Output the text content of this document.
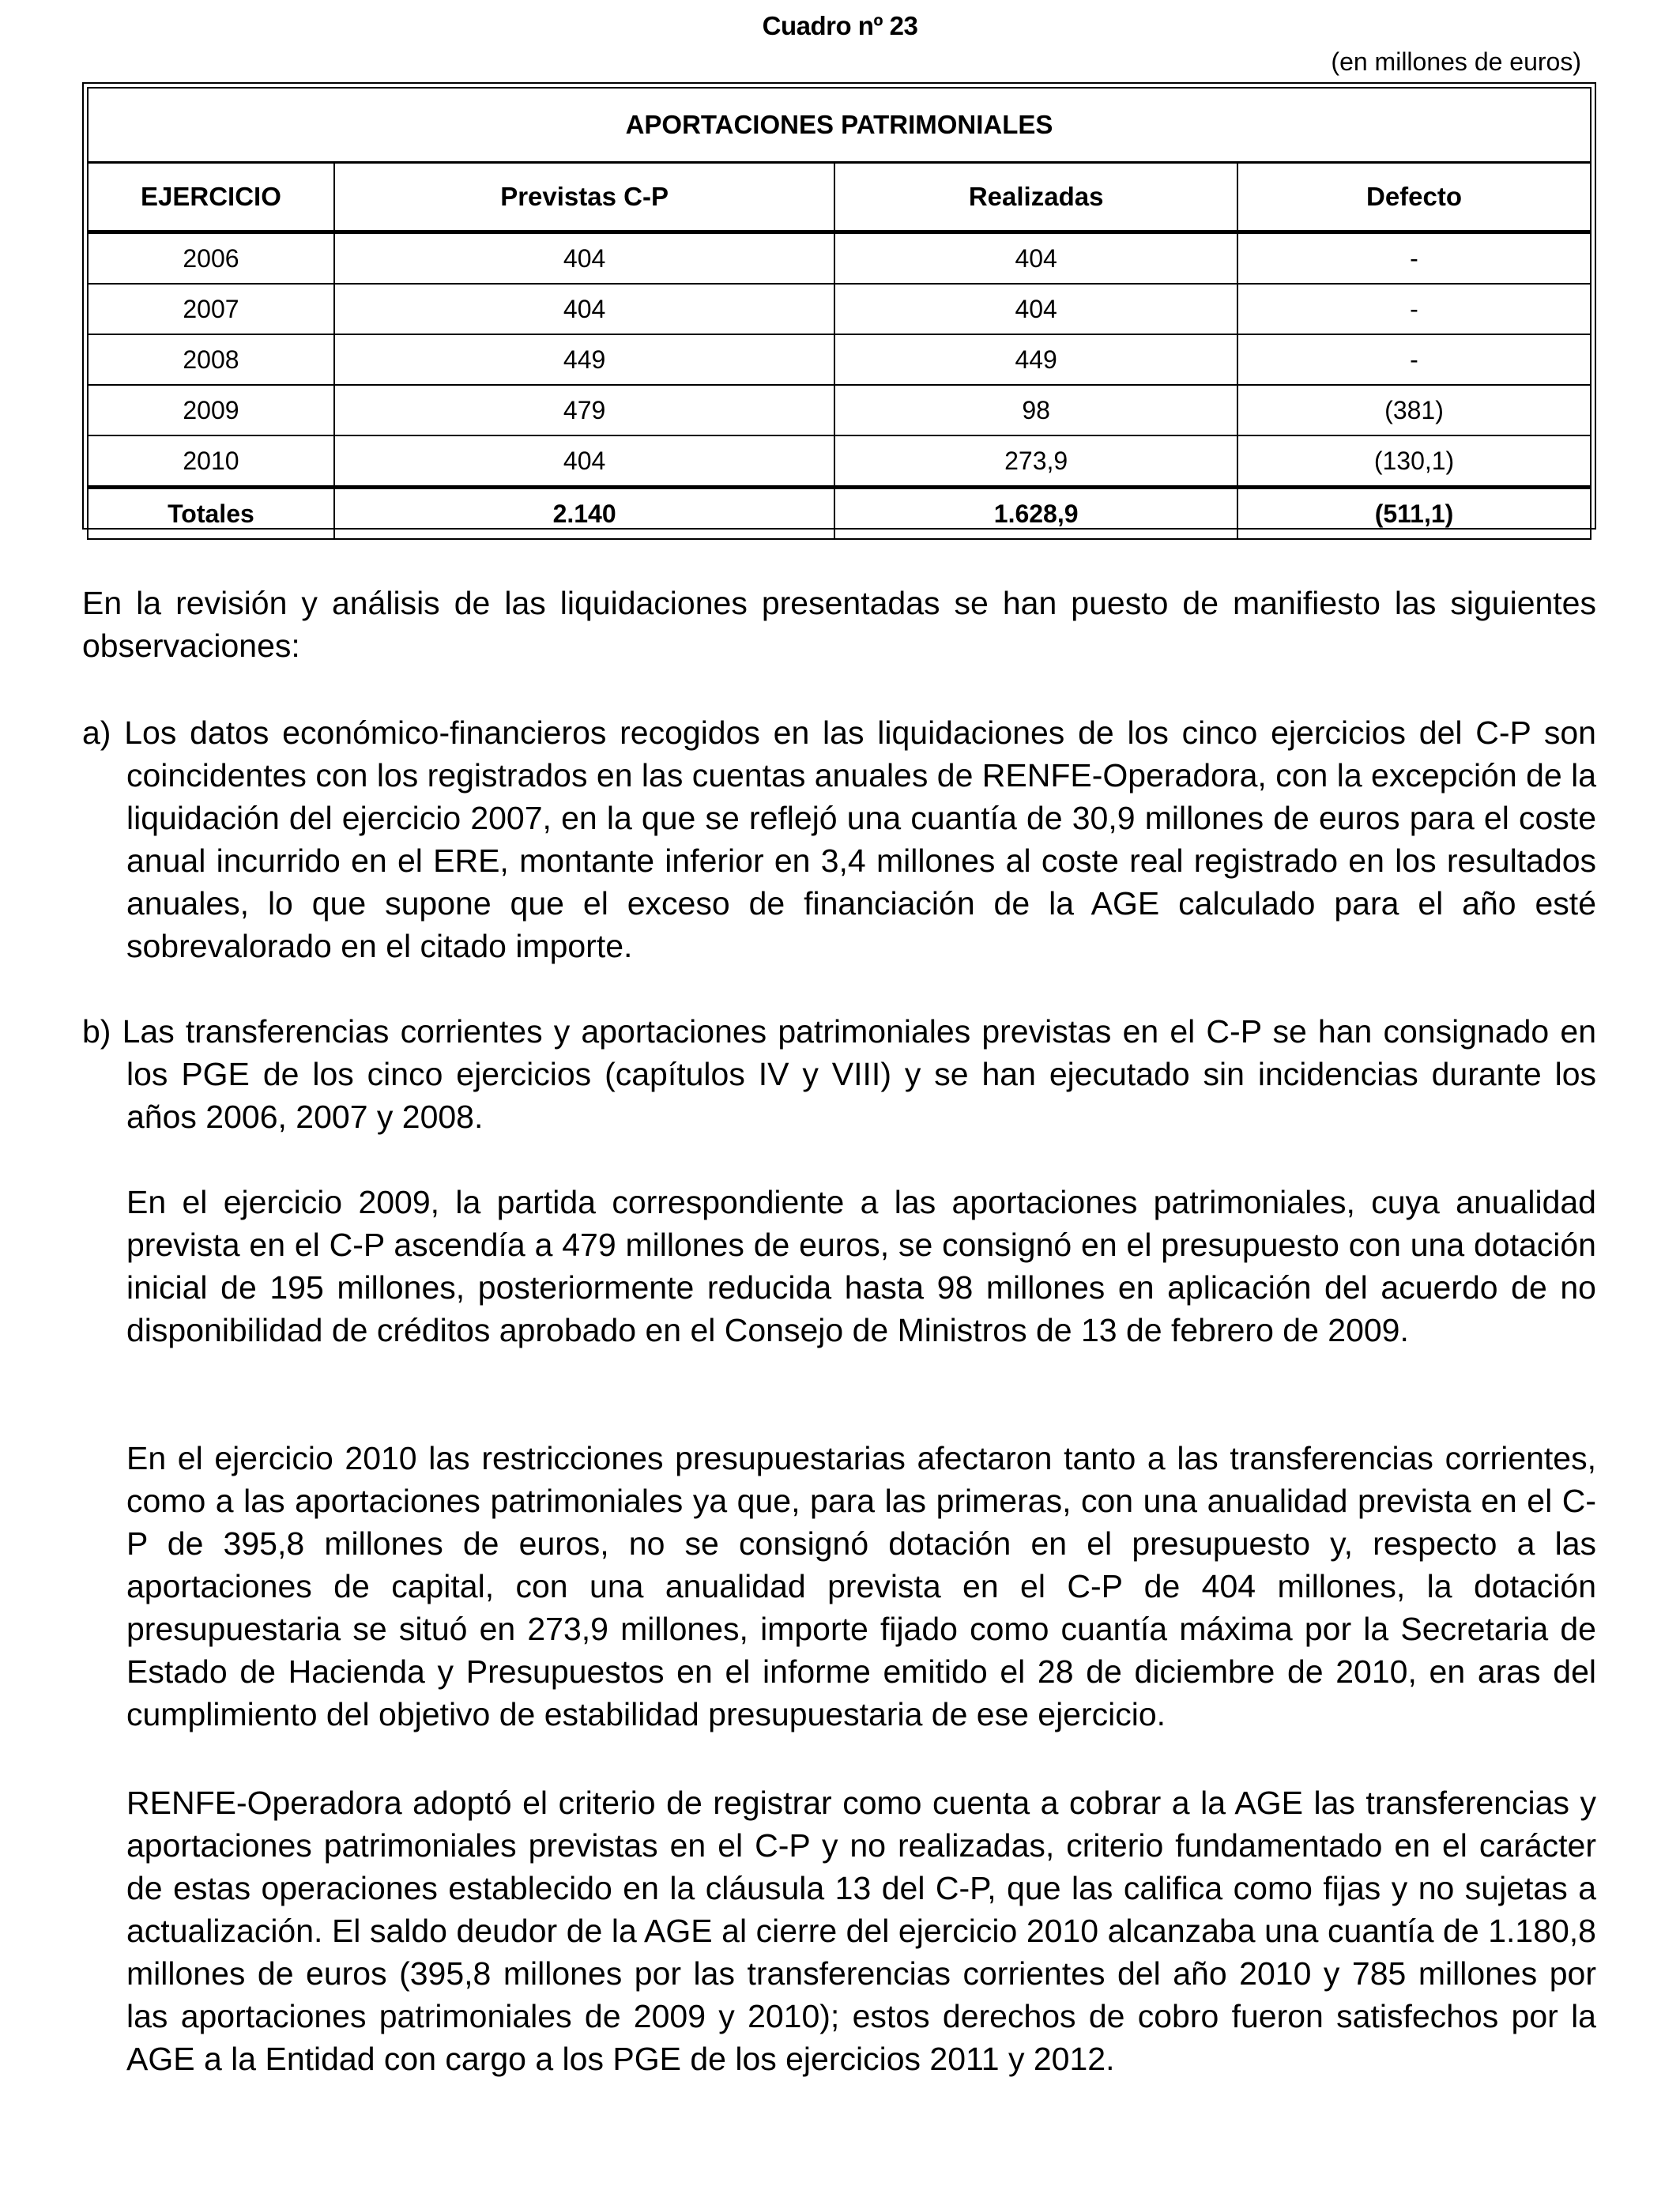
Cuadro nº 23
(en millones de euros)
APORTACIONES PATRIMONIALES			
EJERCICIO	Previstas C-P	Realizadas	Defecto
2006	404	404	-
2007	404	404	-
2008	449	449	-
2009	479	98	(381)
2010	404	273,9	(130,1)
Totales	2.140	1.628,9	(511,1)

En la revisión y análisis de las liquidaciones presentadas se han puesto de manifiesto las siguientes observaciones:

a) Los datos económico-financieros recogidos en las liquidaciones de los cinco ejercicios del C-P son coincidentes con los registrados en las cuentas anuales de RENFE-Operadora, con la excepción de la liquidación del ejercicio 2007, en la que se reflejó una cuantía de 30,9 millones de euros para el coste anual incurrido en el ERE, montante inferior en 3,4 millones al coste real registrado en los resultados anuales, lo que supone que el exceso de financiación de la AGE calculado para el año esté sobrevalorado en el citado importe.

b) Las transferencias corrientes y aportaciones patrimoniales previstas en el C-P se han consignado en los PGE de los cinco ejercicios (capítulos IV y VIII) y se han ejecutado sin incidencias durante los años 2006, 2007 y 2008.

En el ejercicio 2009, la partida correspondiente a las aportaciones patrimoniales, cuya anualidad prevista en el C-P ascendía a 479 millones de euros, se consignó en el presupuesto con una dotación inicial de 195 millones, posteriormente reducida hasta 98 millones en aplicación del acuerdo de no disponibilidad de créditos aprobado en el Consejo de Ministros de 13 de febrero de 2009.

En el ejercicio 2010 las restricciones presupuestarias afectaron tanto a las transferencias corrientes, como a las aportaciones patrimoniales ya que, para las primeras, con una anualidad prevista en el C-P de 395,8 millones de euros, no se consignó dotación en el presupuesto y, respecto a las aportaciones de capital, con una anualidad prevista en el C-P de 404 millones, la dotación presupuestaria se situó en 273,9 millones, importe fijado como cuantía máxima por la Secretaria de Estado de Hacienda y Presupuestos en el informe emitido el 28 de diciembre de 2010, en aras del cumplimiento del objetivo de estabilidad presupuestaria de ese ejercicio.

RENFE-Operadora adoptó el criterio de registrar como cuenta a cobrar a la AGE las transferencias y aportaciones patrimoniales previstas en el C-P y no realizadas, criterio fundamentado en el carácter de estas operaciones establecido en la cláusula 13 del C-P, que las califica como fijas y no sujetas a actualización. El saldo deudor de la AGE al cierre del ejercicio 2010 alcanzaba una cuantía de 1.180,8 millones de euros (395,8 millones por las transferencias corrientes del año 2010 y 785 millones por las aportaciones patrimoniales de 2009 y 2010); estos derechos de cobro fueron satisfechos por la AGE a la Entidad con cargo a los PGE de los ejercicios 2011 y 2012.
